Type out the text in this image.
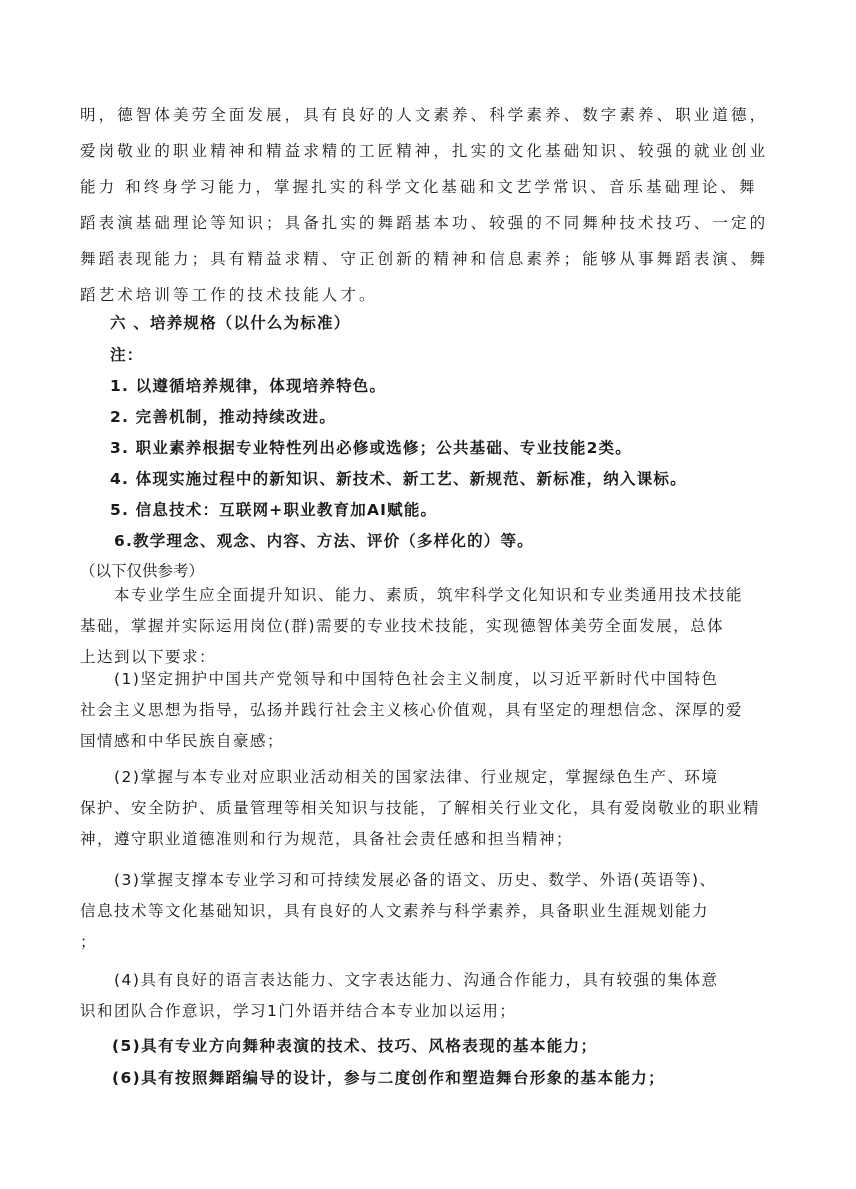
明，德智体美劳全面发展，具有良好的人文素养、科学素养、数字素养、职业道德，
爱岗敬业的职业精神和精益求精的工匠精神，扎实的文化基础知识、较强的就业创业
能力 和终身学习能力，掌握扎实的科学文化基础和文艺学常识、音乐基础理论、舞
蹈表演基础理论等知识；具备扎实的舞蹈基本功、较强的不同舞种技术技巧、一定的
舞蹈表现能力；具有精益求精、守正创新的精神和信息素养；能够从事舞蹈表演、舞
蹈艺术培训等工作的技术技能人才。
六 、培养规格（以什么为标准）
注：
1. 以遵循培养规律，体现培养特色。
2. 完善机制，推动持续改进。
3. 职业素养根据专业特性列出必修或选修；公共基础、专业技能2类。
4. 体现实施过程中的新知识、新技术、新工艺、新规范、新标准，纳入课标。
5. 信息技术：互联网+职业教育加AI赋能。
6.教学理念、观念、内容、方法、评价（多样化的）等。
（以下仅供参考）
　　本专业学生应全面提升知识、能力、素质，筑牢科学文化知识和专业类通用技术技能
基础，掌握并实际运用岗位(群)需要的专业技术技能，实现德智体美劳全面发展，总体
上达到以下要求：
　　(1)坚定拥护中国共产党领导和中国特色社会主义制度，以习近平新时代中国特色
社会主义思想为指导，弘扬并践行社会主义核心价值观，具有坚定的理想信念、深厚的爱
国情感和中华民族自豪感；
　　(2)掌握与本专业对应职业活动相关的国家法律、行业规定，掌握绿色生产、环境
保护、安全防护、质量管理等相关知识与技能，了解相关行业文化，具有爱岗敬业的职业精
神，遵守职业道德准则和行为规范，具备社会责任感和担当精神；
　　(3)掌握支撑本专业学习和可持续发展必备的语文、历史、数学、外语(英语等)、
信息技术等文化基础知识，具有良好的人文素养与科学素养，具备职业生涯规划能力
；
　　(4)具有良好的语言表达能力、文字表达能力、沟通合作能力，具有较强的集体意
识和团队合作意识，学习1门外语并结合本专业加以运用；
(5)具有专业方向舞种表演的技术、技巧、风格表现的基本能力；
(6)具有按照舞蹈编导的设计，参与二度创作和塑造舞台形象的基本能力；
